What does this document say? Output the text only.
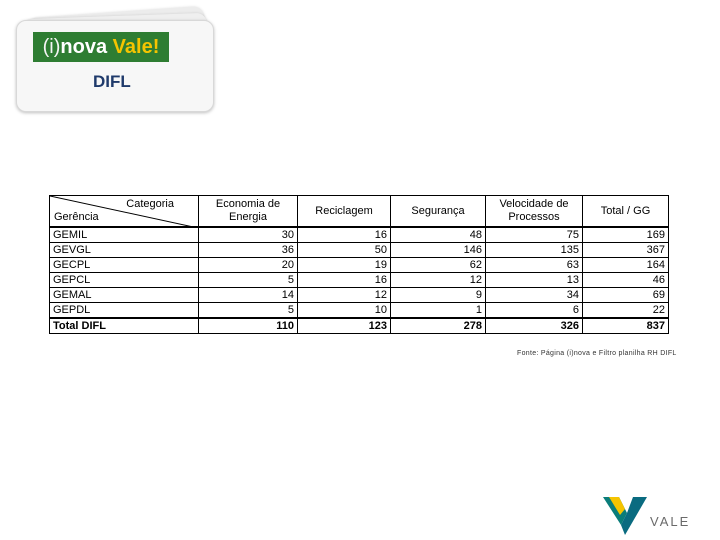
(i)nova Vale!
DIFL
Categoria
Gerência	Economia de Energia	Reciclagem	Segurança	Velocidade de Processos	Total / GG
GEMIL	30	16	48	75	169
GEVGL	36	50	146	135	367
GECPL	20	19	62	63	164
GEPCL	5	16	12	13	46
GEMAL	14	12	9	34	69
GEPDL	5	10	1	6	22
Total DIFL	110	123	278	326	837
Fonte: Página (i)nova e Filtro planilha RH DIFL
VALE
